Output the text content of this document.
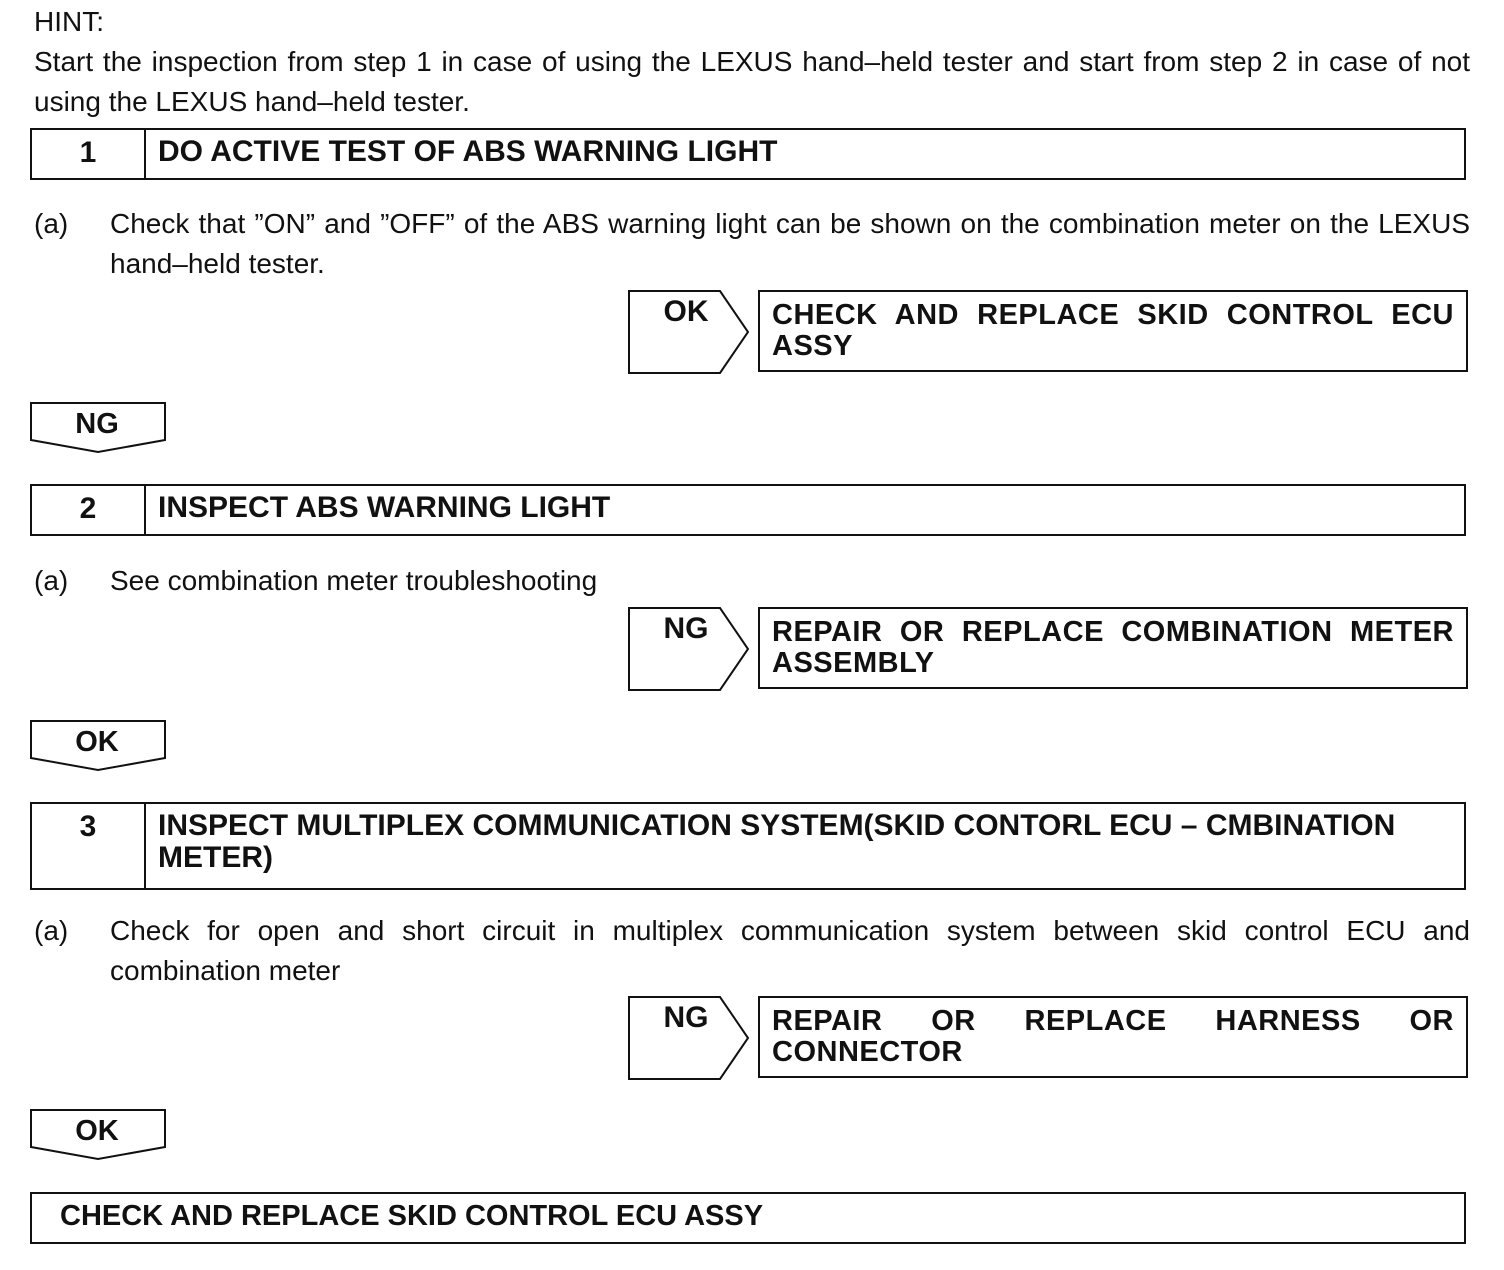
HINT:
Start the inspection from step 1 in case of using the LEXUS hand–held tester and start from step 2 in case of not using the LEXUS hand–held tester.
1	DO ACTIVE TEST OF ABS WARNING LIGHT
(a) Check that ”ON” and ”OFF” of the ABS warning light can be shown on the combination meter on the LEXUS hand–held tester.
OK	CHECK AND REPLACE SKID CONTROL ECU ASSY
NG
2	INSPECT ABS WARNING LIGHT
(a) See combination meter troubleshooting
NG	REPAIR OR REPLACE COMBINATION METER ASSEMBLY
OK
3	INSPECT MULTIPLEX COMMUNICATION SYSTEM(SKID CONTORL ECU – CMBINATION METER)
(a) Check for open and short circuit in multiplex communication system between skid control ECU and combination meter
NG	REPAIR OR REPLACE HARNESS OR CONNECTOR
OK
CHECK AND REPLACE SKID CONTROL ECU ASSY
